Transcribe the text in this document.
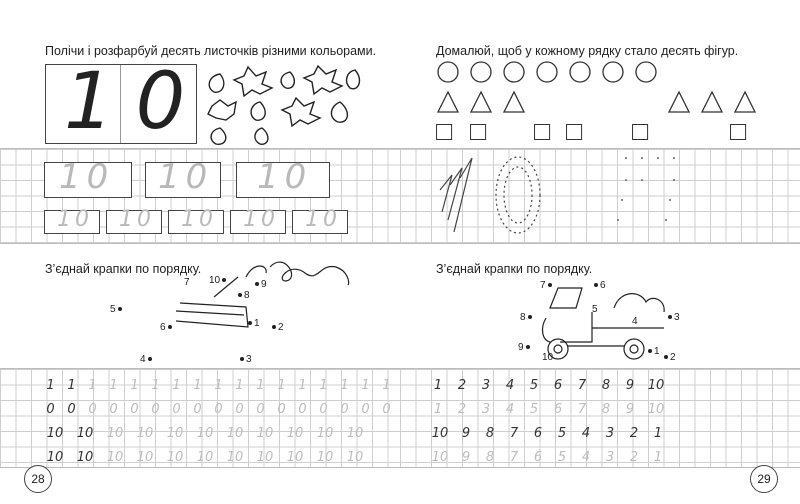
Полічи і розфарбуй десять листочків різними кольорами.
10
10 10 10
10 10 10 10 10
З’єднай крапки по порядку.
1	2
3
4
5
6
7
8
9
10
1 1 1 1 1 1 1 1 1 1 1 1 1 1 1 1 1
0 0 0 0 0 0 0 0 0 0 0 0 0 0 0 0 0
10 10 10 10 10 10 10 10 10 10 10
10 10 10 10 10 10 10 10 10 10 10
28
Домалюй, щоб у кожному рядку стало десять фігур.
□ □ □ □ □	□
З’єднай крапки по порядку.
1
2
3
4
5
6
7
8
9
10
1 2 3 4 5 6 7 8 9 10
1 2 3 4 5 6 7 8 9 10
10 9 8 7 6 5 4 3 2 1
10 9 8 7 6 5 4 3 2 1
29
